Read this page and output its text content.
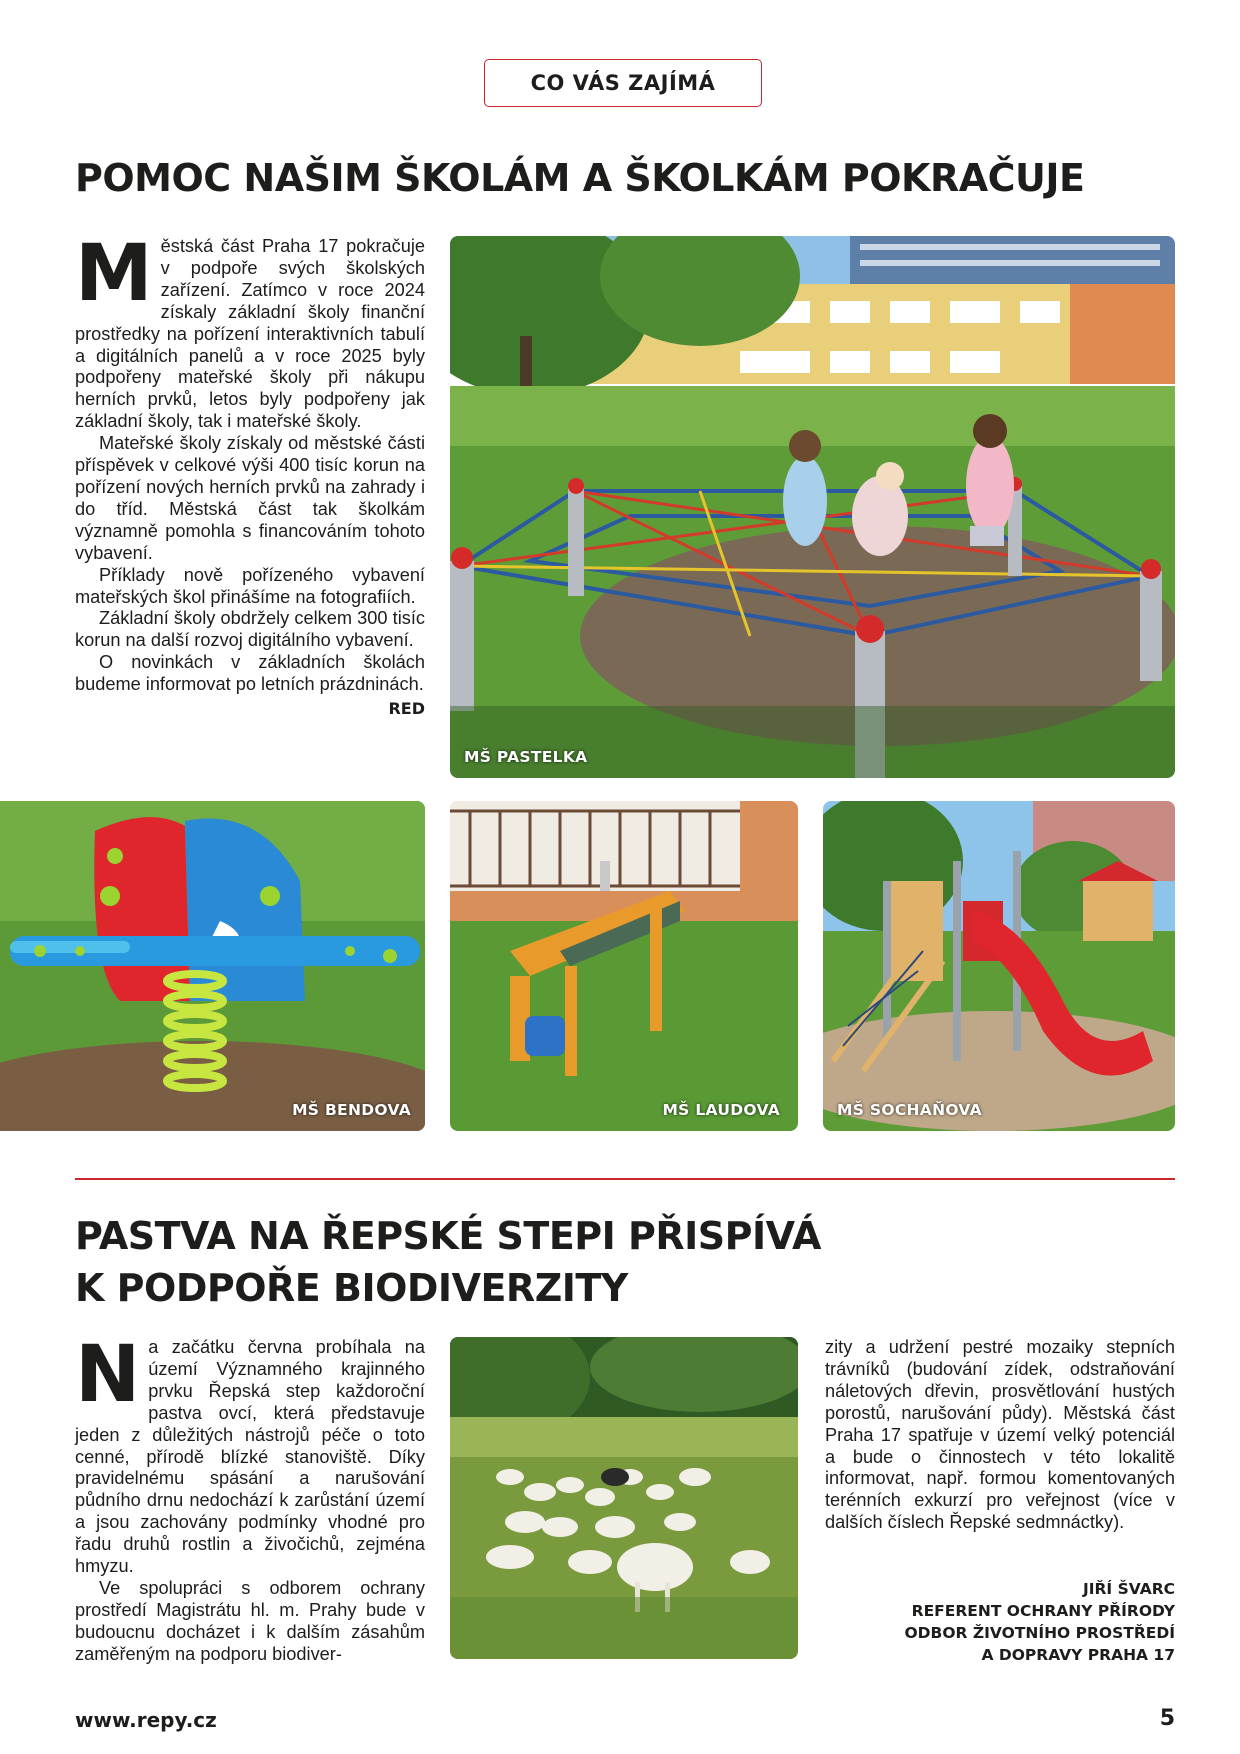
CO VÁS ZAJÍMÁ
POMOC NAŠIM ŠKOLÁM A ŠKOLKÁM POKRAČUJE

Městská část Praha 17 pokračuje v podpoře svých školských zařízení. Zatímco v roce 2024 získaly základní školy finanční prostředky na pořízení interaktivních tabulí a digitálních panelů a v roce 2025 byly podpořeny mateřské školy při nákupu herních prvků, letos byly podpořeny jak základní školy, tak i mateřské školy.

Mateřské školy získaly od městské části příspěvek v celkové výši 400 tisíc korun na pořízení nových herních prvků na zahrady i do tříd. Městská část tak školkám významně pomohla s financováním tohoto vybavení.

Příklady nově pořízeného vybavení mateřských škol přinášíme na fotografiích.

Základní školy obdržely celkem 300 tisíc korun na další rozvoj digitálního vybavení.

O novinkách v základních školách budeme informovat po letních prázdninách.
RED

MŠ PASTELKA
MŠ BENDOVA	MŠ LAUDOVA	MŠ SOCHAŇOVA
PASTVA NA ŘEPSKÉ STEPI PŘISPÍVÁ
K PODPOŘE BIODIVERZITY

Na začátku června probíhala na území Významného krajinného prvku Řepská step každoroční pastva ovcí, která představuje jeden z důležitých nástrojů péče o toto cenné, přírodě blízké stanoviště. Díky pravidelnému spásání a narušování půdního drnu nedochází k zarůstání území a jsou zachovány podmínky vhodné pro řadu druhů rostlin a živočichů, zejména hmyzu.

Ve spolupráci s odborem ochrany prostředí Magistrátu hl. m. Prahy bude v budoucnu docházet i k dalším zásahům zaměřeným na podporu biodiver-

zity a udržení pestré mozaiky stepních trávníků (budování zídek, odstraňování náletových dřevin, prosvětlování hustých porostů, narušování půdy). Městská část Praha 17 spatřuje v území velký potenciál a bude o činnostech v této lokalitě informovat, např. formou komentovaných terénních exkurzí pro veřejnost (více v dalších číslech Řepské sedmnáctky).

JIŘÍ ŠVARC
REFERENT OCHRANY PŘÍRODY
ODBOR ŽIVOTNÍHO PROSTŘEDÍ
A DOPRAVY PRAHA 17
www.repy.cz	5
